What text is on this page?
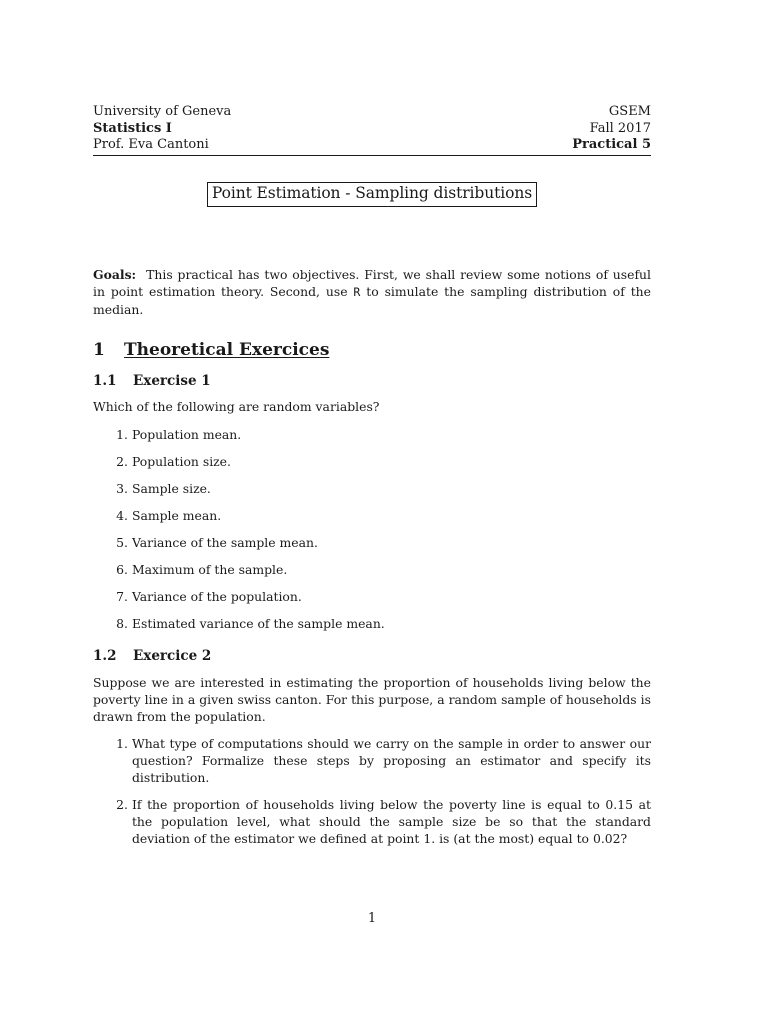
University of Geneva	GSEM
Statistics I	Fall 2017
Prof. Eva Cantoni	Practical 5
Point Estimation - Sampling distributions
Goals: This practical has two objectives. First, we shall review some notions of useful in point estimation theory. Second, use R to simulate the sampling distribution of the median.
1	Theoretical Exercices
1.1	Exercise 1
Which of the following are random variables?
1.
Population mean.
2.
Population size.
3.
Sample size.
4.
Sample mean.
5.
Variance of the sample mean.
6.
Maximum of the sample.
7.
Variance of the population.
8.
Estimated variance of the sample mean.
1.2	Exercice 2
Suppose we are interested in estimating the proportion of households living below the poverty line in a given swiss canton. For this purpose, a random sample of households is drawn from the population.
1.
What type of computations should we carry on the sample in order to answer our question? Formalize these steps by proposing an estimator and specify its distribution.
2.
If the proportion of households living below the poverty line is equal to 0.15 at the population level, what should the sample size be so that the standard deviation of the estimator we defined at point 1. is (at the most) equal to 0.02?
1
